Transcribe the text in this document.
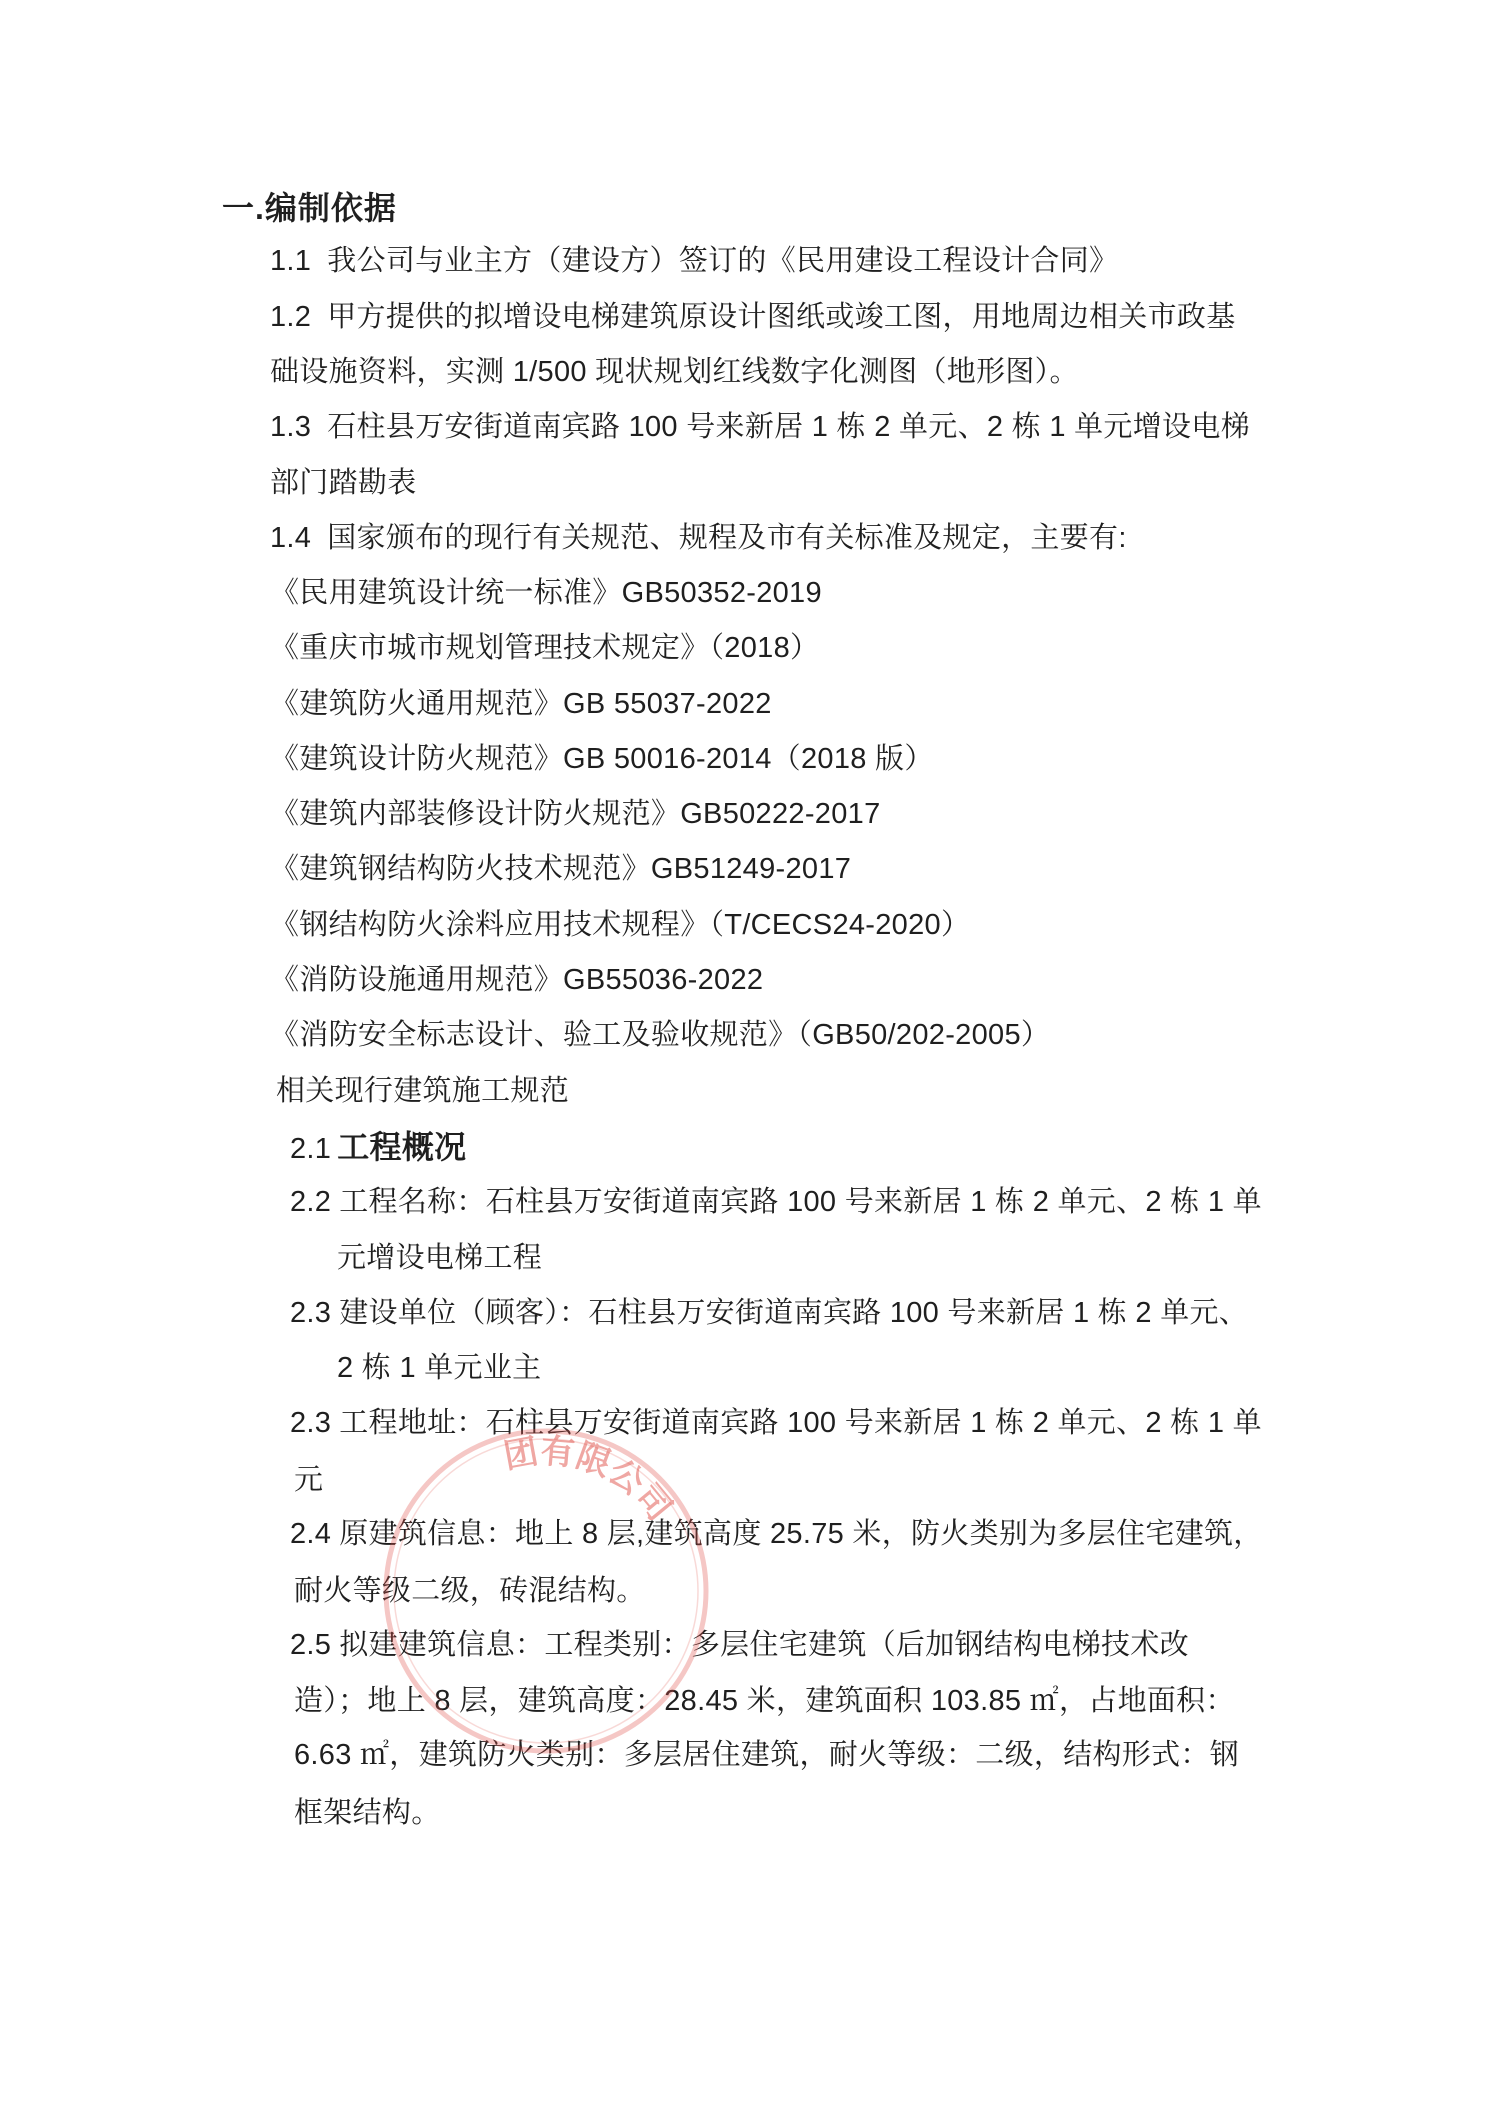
一.编制依据
1.1 我公司与业主方（建设方）签订的《民用建设工程设计合同》
1.2 甲方提供的拟增设电梯建筑原设计图纸或竣工图，用地周边相关市政基
础设施资料，实测 1/500 现状规划红线数字化测图（地形图）。
1.3 石柱县万安街道南宾路 100 号来新居 1 栋 2 单元、2 栋 1 单元增设电梯
部门踏勘表
1.4 国家颁布的现行有关规范、规程及市有关标准及规定，主要有:
《民用建筑设计统一标准》GB50352-2019
《重庆市城市规划管理技术规定》（2018）
《建筑防火通用规范》GB 55037-2022
《建筑设计防火规范》GB 50016-2014（2018 版）
《建筑内部装修设计防火规范》GB50222-2017
《建筑钢结构防火技术规范》GB51249-2017
《钢结构防火涂料应用技术规程》（T/CECS24-2020）
《消防设施通用规范》GB55036-2022
《消防安全标志设计、验工及验收规范》（GB50/202-2005）
相关现行建筑施工规范
2.1 工程概况
2.2 工程名称：石柱县万安街道南宾路 100 号来新居 1 栋 2 单元、2 栋 1 单
元增设电梯工程
2.3 建设单位（顾客）：石柱县万安街道南宾路 100 号来新居 1 栋 2 单元、
2 栋 1 单元业主
2.3 工程地址：石柱县万安街道南宾路 100 号来新居 1 栋 2 单元、2 栋 1 单
元
2.4 原建筑信息：地上 8 层,建筑高度 25.75 米，防火类别为多层住宅建筑，
耐火等级二级，砖混结构。
2.5 拟建建筑信息：工程类别：多层住宅建筑（后加钢结构电梯技术改
造）；地上 8 层，建筑高度：28.45 米，建筑面积 103.85 ㎡，占地面积：
6.63 ㎡，建筑防火类别：多层居住建筑，耐火等级：二级，结构形式：钢
框架结构。
团有限公司
